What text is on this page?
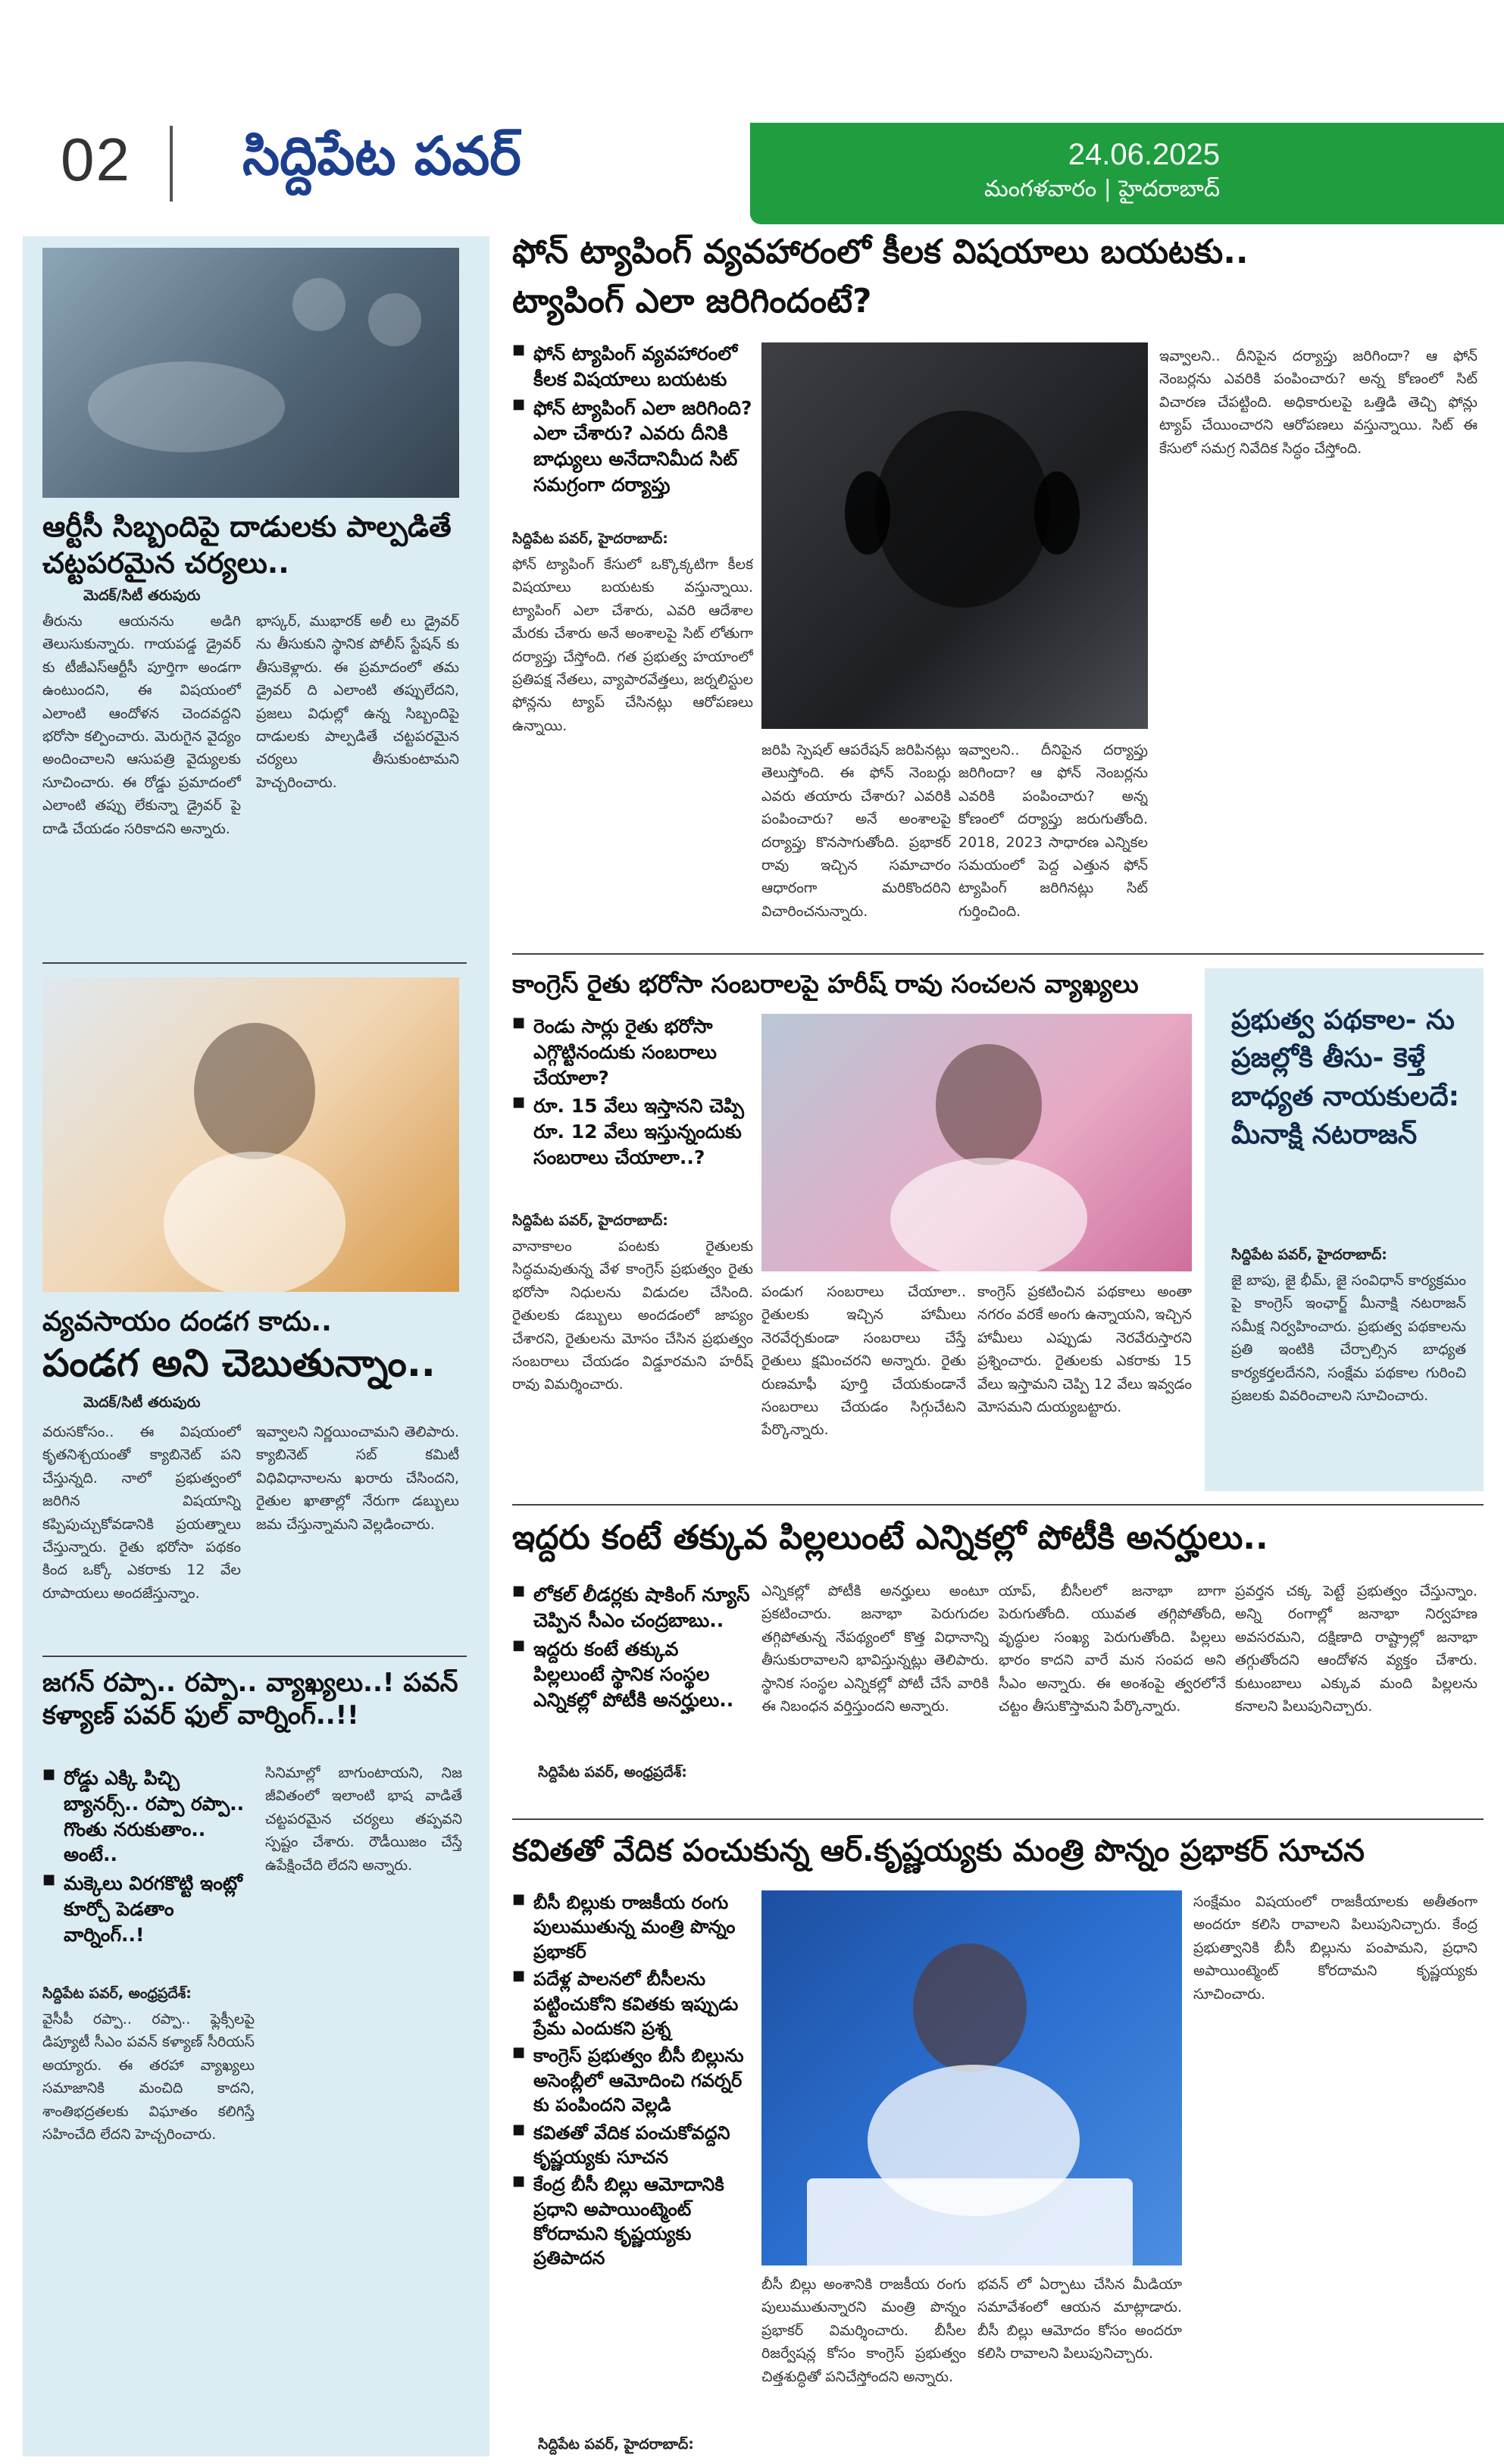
02 సిద్దిపేట పవర్	24.06.2025
మంగళవారం | హైదరాబాద్
ఆర్టీసీ సిబ్బందిపై దాడులకు పాల్పడితే చట్టపరమైన చర్యలు..
మెదక్/సిటీ తరుపురు
తీరును ఆయనను అడిగి తెలుసుకున్నారు. గాయపడ్డ డ్రైవర్ కు టీజీఎస్ఆర్టీసీ పూర్తిగా అండగా ఉంటుందని, ఈ విషయంలో ఎలాంటి ఆందోళన చెందవద్దని భరోసా కల్పించారు. మెరుగైన వైద్యం అందించాలని ఆసుపత్రి వైద్యులకు సూచించారు. ఈ రోడ్డు ప్రమాదంలో ఎలాంటి తప్పు లేకున్నా డ్రైవర్ పై దాడి చేయడం సరికాదని అన్నారు.
భాస్కర్, ముభారక్ అలీ లు డ్రైవర్ ను తీసుకుని స్థానిక పోలీస్ స్టేషన్ కు తీసుకెళ్లారు. ఈ ప్రమాదంలో తమ డ్రైవర్ ది ఎలాంటి తప్పులేదని, ప్రజలు విధుల్లో ఉన్న సిబ్బందిపై దాడులకు పాల్పడితే చట్టపరమైన చర్యలు తీసుకుంటామని హెచ్చరించారు.
వ్యవసాయం దండగ కాదు..
పండగ అని చెబుతున్నాం..
మెదక్/సిటీ తరుపురు
వరుసకోసం.. ఈ విషయంలో కృతనిశ్చయంతో క్యాబినెట్ పని చేస్తున్నది. నాలో ప్రభుత్వంలో జరిగిన విషయాన్ని కప్పిపుచ్చుకోవడానికి ప్రయత్నాలు చేస్తున్నారు. రైతు భరోసా పథకం కింద ఒక్కో ఎకరాకు 12 వేల రూపాయలు అందజేస్తున్నాం.
ఇవ్వాలని నిర్ణయించామని తెలిపారు. క్యాబినెట్ సబ్ కమిటీ విధివిధానాలను ఖరారు చేసిందని, రైతుల ఖాతాల్లో నేరుగా డబ్బులు జమ చేస్తున్నామని వెల్లడించారు.
జగన్ రప్పా.. రప్పా.. వ్యాఖ్యలు..! పవన్ కళ్యాణ్ పవర్ ఫుల్ వార్నింగ్..!!
■ రోడ్డు ఎక్కి పిచ్చి బ్యానర్స్.. రప్పా రప్పా.. గొంతు నరుకుతాం.. అంటే..
■ మక్కెలు విరగకొట్టి ఇంట్లో కూర్చో పెడతాం వార్నింగ్..!
సిద్దిపేట పవర్, అంధ్రప్రదేశ్:
వైసీపీ రప్పా.. రప్పా.. ఫ్లెక్సీలపై డిప్యూటీ సీఎం పవన్ కళ్యాణ్ సీరియస్ అయ్యారు. ఈ తరహా వ్యాఖ్యలు సమాజానికి మంచిది కాదని, శాంతిభద్రతలకు విఘాతం కలిగిస్తే సహించేది లేదని హెచ్చరించారు.
సినిమాల్లో బాగుంటాయని, నిజ జీవితంలో ఇలాంటి భాష వాడితే చట్టపరమైన చర్యలు తప్పవని స్పష్టం చేశారు. రౌడీయిజం చేస్తే ఉపేక్షించేది లేదని అన్నారు.
ఫోన్ ట్యాపింగ్ వ్యవహారంలో కీలక విషయాలు బయటకు..
ట్యాపింగ్ ఎలా జరిగిందంటే?
■ ఫోన్ ట్యాపింగ్ వ్యవహారంలో కీలక విషయాలు బయటకు
■ ఫోన్ ట్యాపింగ్ ఎలా జరిగింది? ఎలా చేశారు? ఎవరు దీనికి బాధ్యులు అనేదానిమీద సిట్ సమగ్రంగా దర్యాప్తు
సిద్దిపేట పవర్, హైదరాబాద్:
ఫోన్ ట్యాపింగ్ కేసులో ఒక్కొక్కటిగా కీలక విషయాలు బయటకు వస్తున్నాయి. ట్యాపింగ్ ఎలా చేశారు, ఎవరి ఆదేశాల మేరకు చేశారు అనే అంశాలపై సిట్ లోతుగా దర్యాప్తు చేస్తోంది. గత ప్రభుత్వ హయాంలో ప్రతిపక్ష నేతలు, వ్యాపారవేత్తలు, జర్నలిస్టుల ఫోన్లను ట్యాప్ చేసినట్లు ఆరోపణలు ఉన్నాయి.
జరిపి స్పెషల్ ఆపరేషన్ జరిపినట్లు తెలుస్తోంది. ఈ ఫోన్ నెంబర్లు ఎవరు తయారు చేశారు? ఎవరికి పంపించారు? అనే అంశాలపై దర్యాప్తు కొనసాగుతోంది. ప్రభాకర్ రావు ఇచ్చిన సమాచారం ఆధారంగా మరికొందరిని విచారించనున్నారు.
ఇవ్వాలని.. దీనిపైన దర్యాప్తు జరిగిందా? ఆ ఫోన్ నెంబర్లను ఎవరికి పంపించారు? అన్న కోణంలో దర్యాప్తు జరుగుతోంది. 2018, 2023 సాధారణ ఎన్నికల సమయంలో పెద్ద ఎత్తున ఫోన్ ట్యాపింగ్ జరిగినట్లు సిట్ గుర్తించింది.
ఇవ్వాలని.. దీనిపైన దర్యాప్తు జరిగిందా? ఆ ఫోన్ నెంబర్లను ఎవరికి పంపించారు? అన్న కోణంలో సిట్ విచారణ చేపట్టింది. అధికారులపై ఒత్తిడి తెచ్చి ఫోన్లు ట్యాప్ చేయించారని ఆరోపణలు వస్తున్నాయి. సిట్ ఈ కేసులో సమగ్ర నివేదిక సిద్ధం చేస్తోంది.
కాంగ్రెస్ రైతు భరోసా సంబరాలపై హరీష్ రావు సంచలన వ్యాఖ్యలు
■ రెండు సార్లు రైతు భరోసా ఎగ్గొట్టినందుకు సంబరాలు చేయాలా?
■ రూ. 15 వేలు ఇస్తానని చెప్పి రూ. 12 వేలు ఇస్తున్నందుకు సంబరాలు చేయాలా..?
సిద్దిపేట పవర్, హైదరాబాద్:
వానాకాలం పంటకు రైతులకు సిద్ధమవుతున్న వేళ కాంగ్రెస్ ప్రభుత్వం రైతు భరోసా నిధులను విడుదల చేసింది. రైతులకు డబ్బులు అందడంలో జాప్యం చేశారని, రైతులను మోసం చేసిన ప్రభుత్వం సంబరాలు చేయడం విడ్డూరమని హరీష్ రావు విమర్శించారు.
పండుగ సంబరాలు చేయాలా.. రైతులకు ఇచ్చిన హామీలు నెరవేర్చకుండా సంబరాలు చేస్తే రైతులు క్షమించరని అన్నారు. రైతు రుణమాఫీ పూర్తి చేయకుండానే సంబరాలు చేయడం సిగ్గుచేటని పేర్కొన్నారు.
కాంగ్రెస్ ప్రకటించిన పథకాలు అంతా నగరం వరకే అంగు ఉన్నాయని, ఇచ్చిన హామీలు ఎప్పుడు నెరవేరుస్తారని ప్రశ్నించారు. రైతులకు ఎకరాకు 15 వేలు ఇస్తామని చెప్పి 12 వేలు ఇవ్వడం మోసమని దుయ్యబట్టారు.
ప్రభుత్వ పథకాల- ను ప్రజల్లోకి తీసు- కెళ్తే బాధ్యత నాయకులదే: మీనాక్షి నటరాజన్
సిద్దిపేట పవర్, హైదరాబాద్:
జై బాపు, జై భీమ్, జై సంవిధాన్ కార్యక్రమం పై కాంగ్రెస్ ఇంఛార్జ్ మీనాక్షి నటరాజన్ సమీక్ష నిర్వహించారు. ప్రభుత్వ పథకాలను ప్రతి ఇంటికి చేర్చాల్సిన బాధ్యత కార్యకర్తలదేనని, సంక్షేమ పథకాల గురించి ప్రజలకు వివరించాలని సూచించారు.
ఇద్దరు కంటే తక్కువ పిల్లలుంటే ఎన్నికల్లో పోటీకి అనర్హులు..
■ లోకల్ లీడర్లకు షాకింగ్ న్యూస్ చెప్పిన సీఎం చంద్రబాబు..
■ ఇద్దరు కంటే తక్కువ పిల్లలుంటే స్థానిక సంస్థల ఎన్నికల్లో పోటీకి అనర్హులు..
సిద్దిపేట పవర్, అంధ్రప్రదేశ్:
ఎన్నికల్లో పోటీకి అనర్హులు అంటూ ప్రకటించారు. జనాభా పెరుగుదల తగ్గిపోతున్న నేపథ్యంలో కొత్త విధానాన్ని తీసుకురావాలని భావిస్తున్నట్లు తెలిపారు. స్థానిక సంస్థల ఎన్నికల్లో పోటీ చేసే వారికి ఈ నిబంధన వర్తిస్తుందని అన్నారు.
యాప్, బీసీలలో జనాభా బాగా పెరుగుతోంది. యువత తగ్గిపోతోంది, వృద్ధుల సంఖ్య పెరుగుతోంది. పిల్లలు భారం కాదని వారే మన సంపద అని సీఎం అన్నారు. ఈ అంశంపై త్వరలోనే చట్టం తీసుకొస్తామని పేర్కొన్నారు.
ప్రవర్తన చక్క పెట్టే ప్రభుత్వం చేస్తున్నాం. అన్ని రంగాల్లో జనాభా నిర్వహణ అవసరమని, దక్షిణాది రాష్ట్రాల్లో జనాభా తగ్గుతోందని ఆందోళన వ్యక్తం చేశారు. కుటుంబాలు ఎక్కువ మంది పిల్లలను కనాలని పిలుపునిచ్చారు.
కవితతో వేదిక పంచుకున్న ఆర్.కృష్ణయ్యకు మంత్రి పొన్నం ప్రభాకర్ సూచన
■ బీసీ బిల్లుకు రాజకీయ రంగు పులుముతున్న మంత్రి పొన్నం ప్రభాకర్
■ పదేళ్ల పాలనలో బీసీలను పట్టించుకోని కవితకు ఇప్పుడు ప్రేమ ఎందుకని ప్రశ్న
■ కాంగ్రెస్ ప్రభుత్వం బీసీ బిల్లును అసెంబ్లీలో ఆమోదించి గవర్నర్ కు పంపిందని వెల్లడి
■ కవితతో వేదిక పంచుకోవద్దని కృష్ణయ్యకు సూచన
■ కేంద్ర బీసీ బిల్లు ఆమోదానికి ప్రధాని అపాయింట్మెంట్ కోరదామని కృష్ణయ్యకు ప్రతిపాదన
సిద్దిపేట పవర్, హైదరాబాద్:
బీసీ బిల్లు అంశానికి రాజకీయ రంగు పులుముతున్నారని మంత్రి పొన్నం ప్రభాకర్ విమర్శించారు. బీసీల రిజర్వేషన్ల కోసం కాంగ్రెస్ ప్రభుత్వం చిత్తశుద్ధితో పనిచేస్తోందని అన్నారు.
భవన్ లో ఏర్పాటు చేసిన మీడియా సమావేశంలో ఆయన మాట్లాడారు. బీసీ బిల్లు ఆమోదం కోసం అందరూ కలిసి రావాలని పిలుపునిచ్చారు.
సంక్షేమం విషయంలో రాజకీయాలకు అతీతంగా అందరూ కలిసి రావాలని పిలుపునిచ్చారు. కేంద్ర ప్రభుత్వానికి బీసీ బిల్లును పంపామని, ప్రధాని అపాయింట్మెంట్ కోరదామని కృష్ణయ్యకు సూచించారు.
